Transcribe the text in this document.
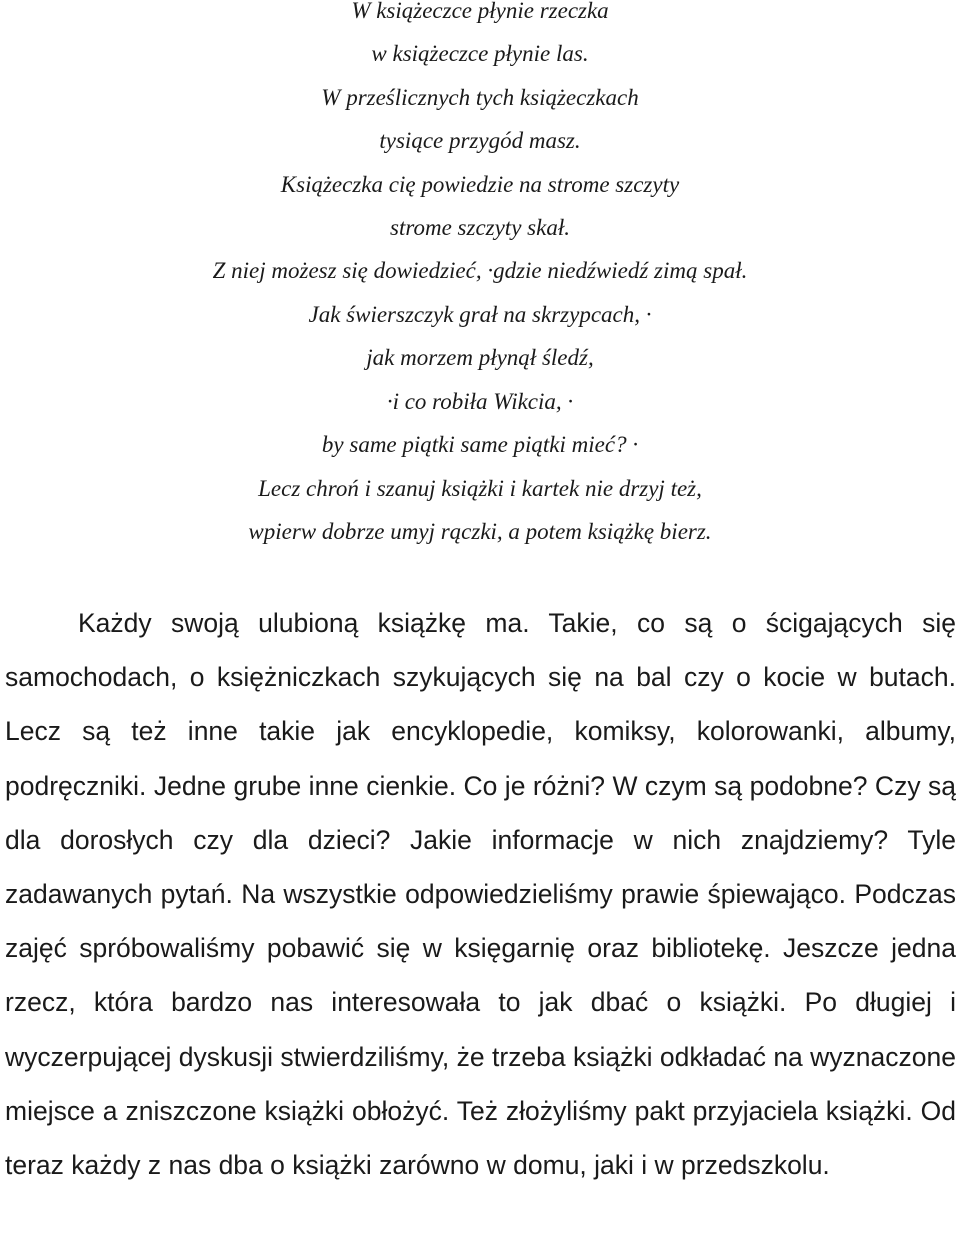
W książeczce płynie rzeczka
w książeczce płynie las.
W prześlicznych tych książeczkach
tysiące przygód masz.
Książeczka cię powiedzie na strome szczyty
strome szczyty skał.
Z niej możesz się dowiedzieć, ·gdzie niedźwiedź zimą spał.
Jak świerszczyk grał na skrzypcach, ·
jak morzem płynął śledź,
·i co robiła Wikcia, ·
by same piątki same piątki mieć? ·
Lecz chroń i szanuj książki i kartek nie drzyj też,
wpierw dobrze umyj rączki, a potem książkę bierz.

Każdy swoją ulubioną książkę ma. Takie, co są o ścigających się samochodach, o księżniczkach szykujących się na bal czy o kocie w butach. Lecz są też inne takie jak encyklopedie, komiksy, kolorowanki, albumy, podręczniki. Jedne grube inne cienkie. Co je różni? W czym są podobne? Czy są dla dorosłych czy dla dzieci? Jakie informacje w nich znajdziemy? Tyle zadawanych pytań. Na wszystkie odpowiedzieliśmy prawie śpiewająco. Podczas zajęć spróbowaliśmy pobawić się w księgarnię oraz bibliotekę. Jeszcze jedna rzecz, która bardzo nas interesowała to jak dbać o książki. Po długiej i wyczerpującej dyskusji stwierdziliśmy, że trzeba książki odkładać na wyznaczone miejsce a zniszczone książki obłożyć. Też złożyliśmy pakt przyjaciela książki. Od teraz każdy z nas dba o książki zarówno w domu, jaki i w przedszkolu.
